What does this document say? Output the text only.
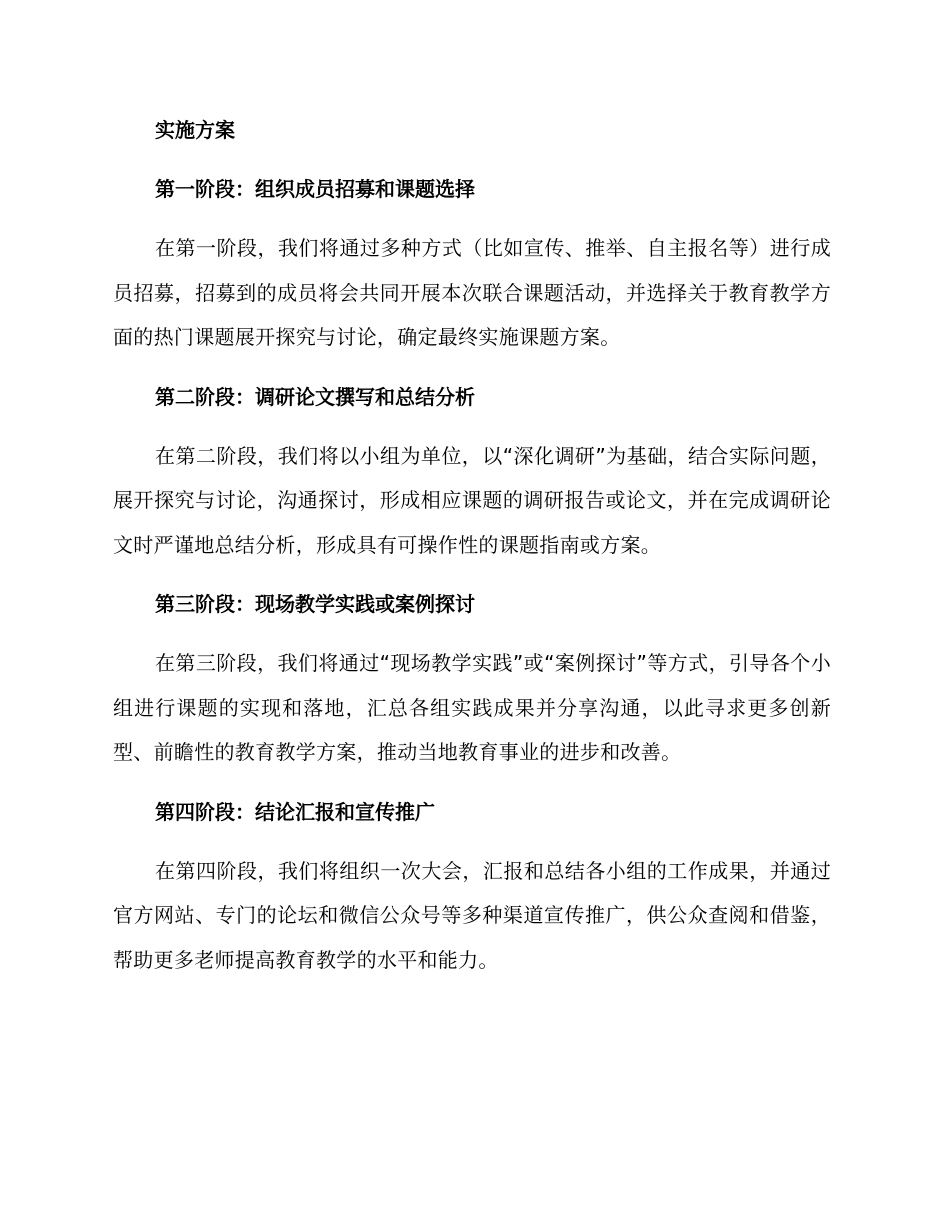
实施方案
第一阶段：组织成员招募和课题选择

在第一阶段，我们将通过多种方式（比如宣传、推举、自主报名等）进行成员招募，招募到的成员将会共同开展本次联合课题活动，并选择关于教育教学方面的热门课题展开探究与讨论，确定最终实施课题方案。

第二阶段：调研论文撰写和总结分析

在第二阶段，我们将以小组为单位，以“深化调研”为基础，结合实际问题，展开探究与讨论，沟通探讨，形成相应课题的调研报告或论文，并在完成调研论文时严谨地总结分析，形成具有可操作性的课题指南或方案。

第三阶段：现场教学实践或案例探讨

在第三阶段，我们将通过“现场教学实践”或“案例探讨”等方式，引导各个小组进行课题的实现和落地，汇总各组实践成果并分享沟通，以此寻求更多创新型、前瞻性的教育教学方案，推动当地教育事业的进步和改善。

第四阶段：结论汇报和宣传推广

在第四阶段，我们将组织一次大会，汇报和总结各小组的工作成果，并通过官方网站、专门的论坛和微信公众号等多种渠道宣传推广，供公众查阅和借鉴，帮助更多老师提高教育教学的水平和能力。
